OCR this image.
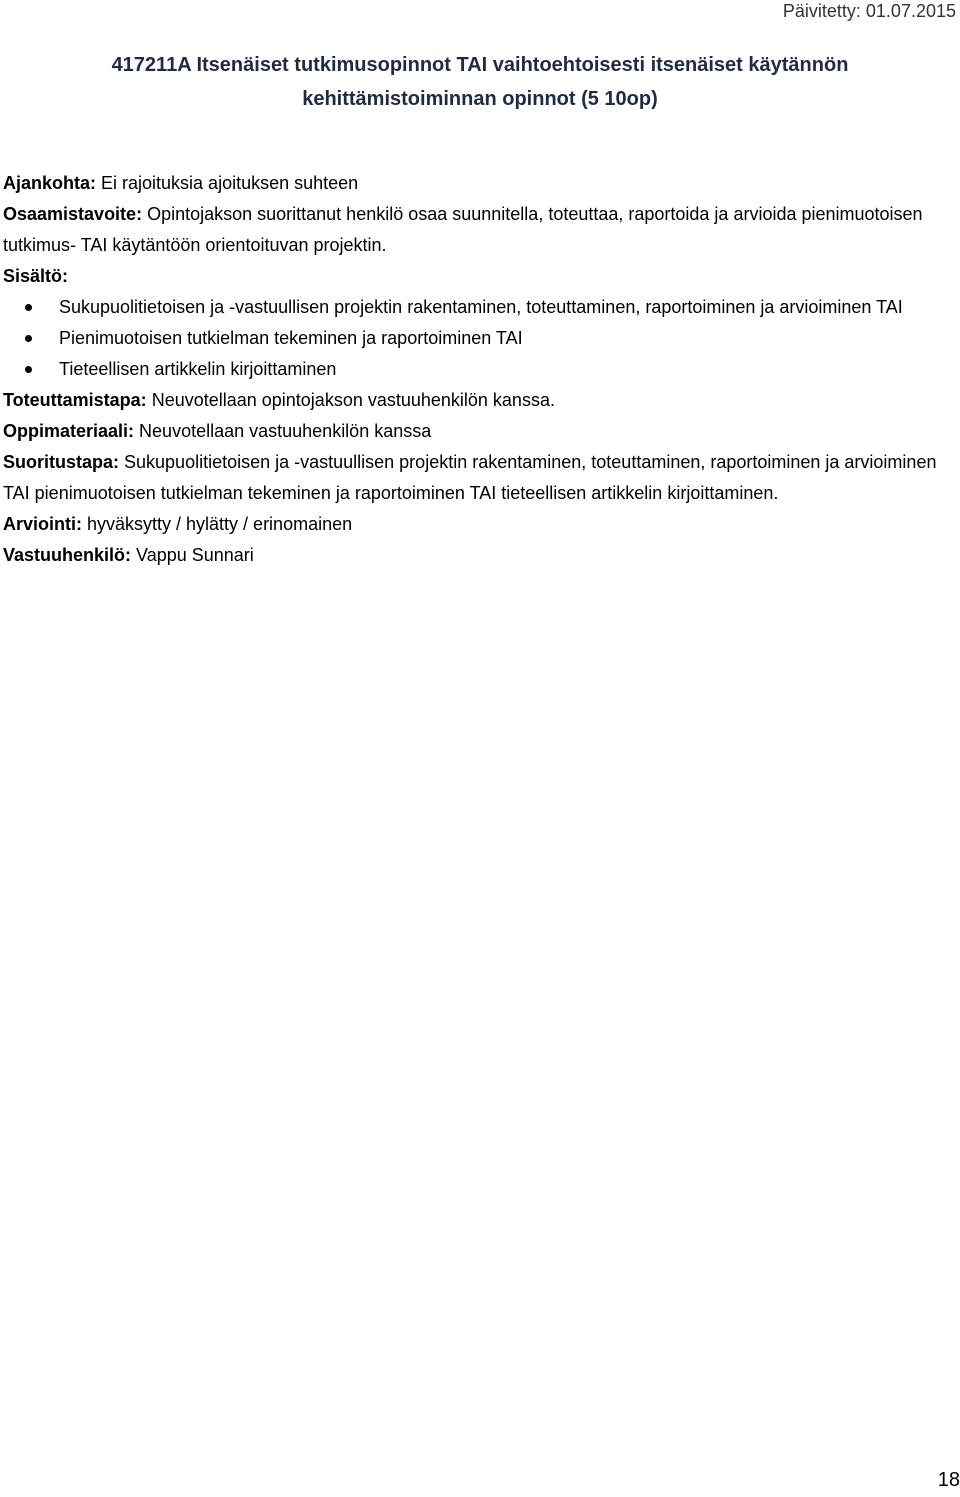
Päivitetty: 01.07.2015
417211A Itsenäiset tutkimusopinnot TAI vaihtoehtoisesti itsenäiset käytännön
kehittämistoiminnan opinnot (5 10op)

Ajankohta: Ei rajoituksia ajoituksen suhteen

Osaamistavoite: Opintojakson suorittanut henkilö osaa suunnitella, toteuttaa, raportoida ja arvioida pienimuotoisen tutkimus- TAI käytäntöön orientoituvan projektin.

Sisältö:

Sukupuolitietoisen ja -vastuullisen projektin rakentaminen, toteuttaminen, raportoiminen ja arvioiminen TAI
Pienimuotoisen tutkielman tekeminen ja raportoiminen TAI
Tieteellisen artikkelin kirjoittaminen

Toteuttamistapa: Neuvotellaan opintojakson vastuuhenkilön kanssa.

Oppimateriaali: Neuvotellaan vastuuhenkilön kanssa

Suoritustapa: Sukupuolitietoisen ja -vastuullisen projektin rakentaminen, toteuttaminen, raportoiminen ja arvioiminen TAI pienimuotoisen tutkielman tekeminen ja raportoiminen TAI tieteellisen artikkelin kirjoittaminen.

Arviointi: hyväksytty / hylätty / erinomainen

Vastuuhenkilö: Vappu Sunnari

18
